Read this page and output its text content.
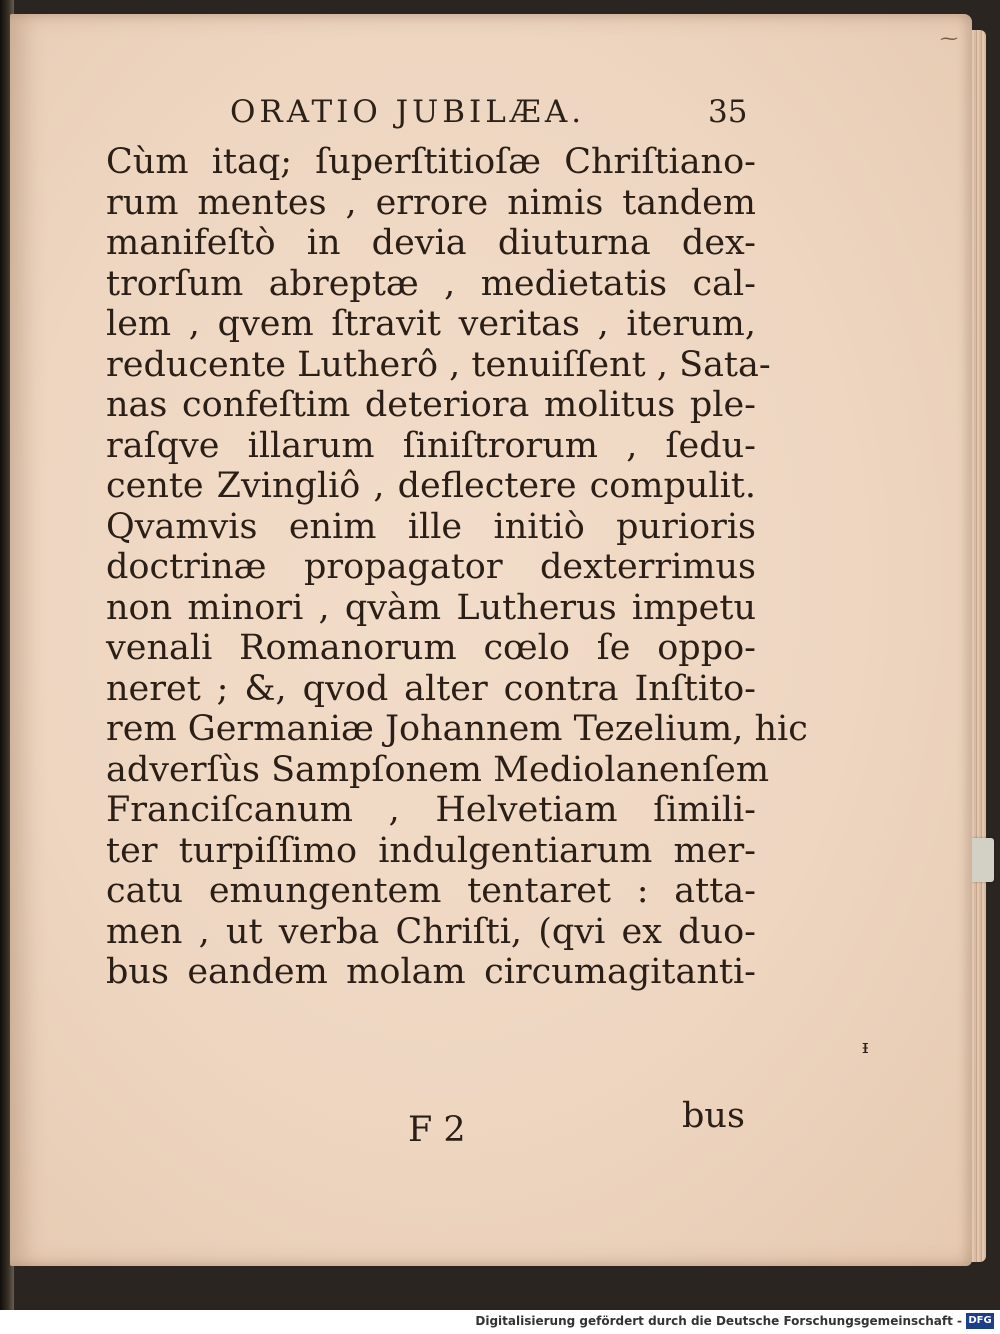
⁓
ᵻ
ORATIO JUBILÆA.	35
Cùm itaq; ſuperſtitioſæ Chriſtiano-
rum mentes , errore nimis tandem
manifeſtò in devia diuturna dex-
trorſum abreptæ , medietatis cal-
lem , qvem ſtravit veritas , iterum,
reducente Lutherô , tenuiſſent , Sata-
nas confeſtim deteriora molitus ple-
raſqve illarum ſiniſtrorum , ſedu-
cente Zvingliô , deflectere compulit.
Qvamvis enim ille initiò purioris
doctrinæ propagator dexterrimus
non minori , qvàm Lutherus impetu
venali Romanorum cœlo ſe oppo-
neret ; &, qvod alter contra Inſtito-
rem Germaniæ Johannem Tezelium, hic
adverſùs Sampſonem Mediolanenſem
Franciſcanum , Helvetiam ſimili-
ter turpiſſimo indulgentiarum mer-
catu emungentem tentaret : atta-
men , ut verba Chriſti, (qvi ex duo-
bus eandem molam circumagitanti-
F 2	bus
Digitalisierung gefördert durch die Deutsche Forschungsgemeinschaft - DFG
